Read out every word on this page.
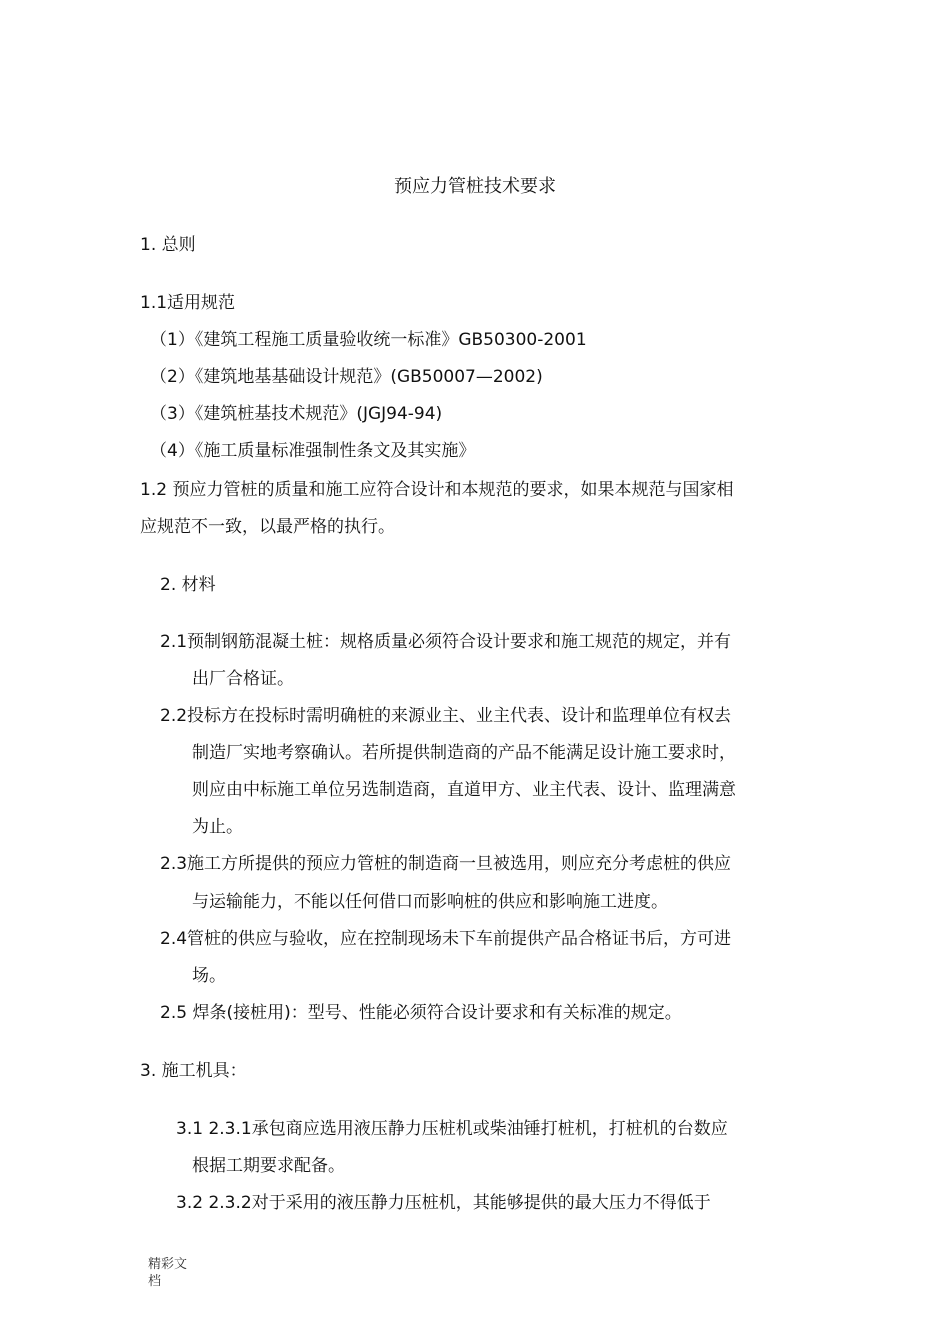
预应力管桩技术要求
1. 总则
1.1适用规范
（1）《建筑工程施工质量验收统一标准》GB50300-2001
（2）《建筑地基基础设计规范》(GB50007—2002)
（3）《建筑桩基技术规范》(JGJ94-94)
（4）《施工质量标准强制性条文及其实施》
1.2 预应力管桩的质量和施工应符合设计和本规范的要求，如果本规范与国家相
应规范不一致，以最严格的执行。
2. 材料
2.1预制钢筋混凝土桩：规格质量必须符合设计要求和施工规范的规定，并有
出厂合格证。
2.2投标方在投标时需明确桩的来源业主、业主代表、设计和监理单位有权去
制造厂实地考察确认。若所提供制造商的产品不能满足设计施工要求时，
则应由中标施工单位另选制造商，直道甲方、业主代表、设计、监理满意
为止。
2.3施工方所提供的预应力管桩的制造商一旦被选用，则应充分考虑桩的供应
与运输能力，不能以任何借口而影响桩的供应和影响施工进度。
2.4管桩的供应与验收，应在控制现场未下车前提供产品合格证书后，方可进
场。
2.5 焊条(接桩用)：型号、性能必须符合设计要求和有关标准的规定。
3. 施工机具：
3.1 2.3.1承包商应选用液压静力压桩机或柴油锤打桩机，打桩机的台数应
根据工期要求配备。
3.2 2.3.2对于采用的液压静力压桩机，其能够提供的最大压力不得低于
精彩文
档
